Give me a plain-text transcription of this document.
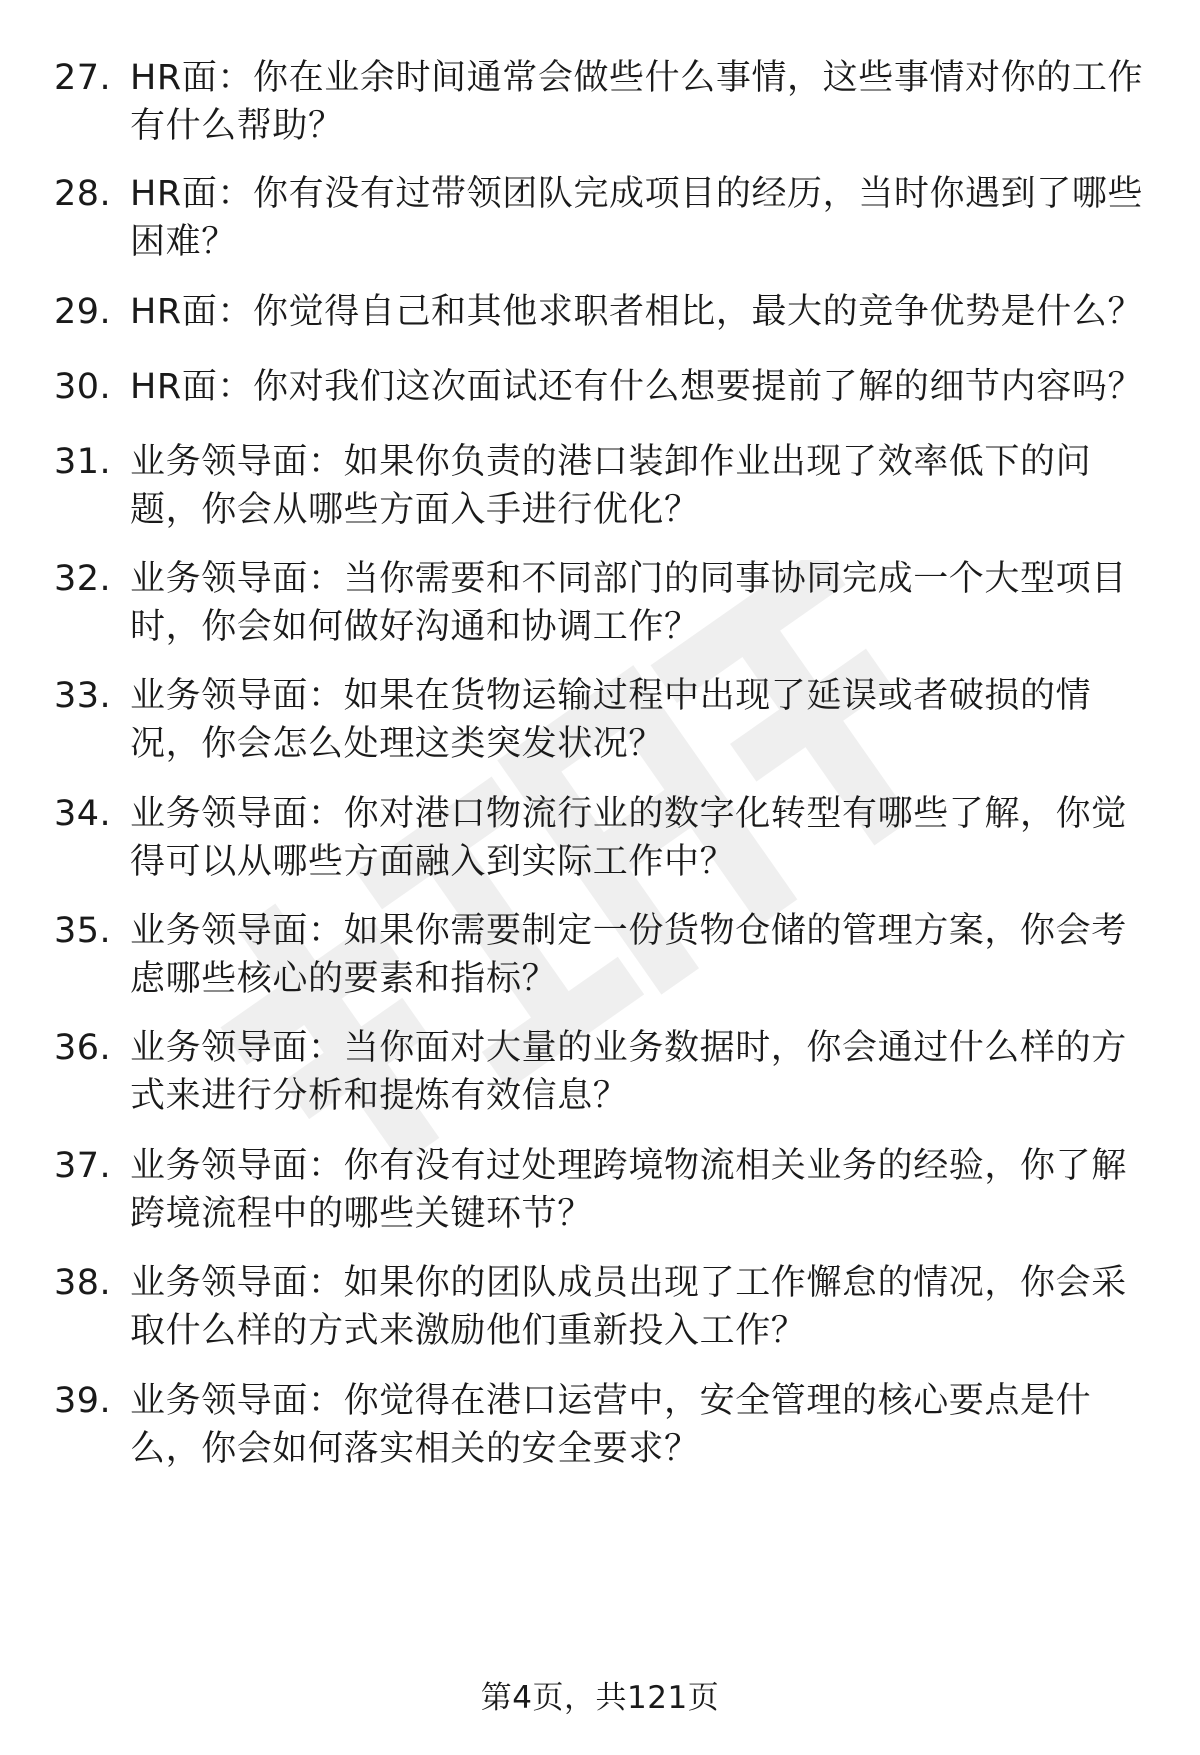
27. HR面：你在业余时间通常会做些什么事情，这些事情对你的工作
有什么帮助？
28. HR面：你有没有过带领团队完成项目的经历，当时你遇到了哪些
困难？
29. HR面：你觉得自己和其他求职者相比，最大的竞争优势是什么？
30. HR面：你对我们这次面试还有什么想要提前了解的细节内容吗？
31. 业务领导面：如果你负责的港口装卸作业出现了效率低下的问
题，你会从哪些方面入手进行优化？
32. 业务领导面：当你需要和不同部门的同事协同完成一个大型项目
时，你会如何做好沟通和协调工作？
33. 业务领导面：如果在货物运输过程中出现了延误或者破损的情
况，你会怎么处理这类突发状况？
34. 业务领导面：你对港口物流行业的数字化转型有哪些了解，你觉
得可以从哪些方面融入到实际工作中？
35. 业务领导面：如果你需要制定一份货物仓储的管理方案，你会考
虑哪些核心的要素和指标？
36. 业务领导面：当你面对大量的业务数据时，你会通过什么样的方
式来进行分析和提炼有效信息？
37. 业务领导面：你有没有过处理跨境物流相关业务的经验，你了解
跨境流程中的哪些关键环节？
38. 业务领导面：如果你的团队成员出现了工作懈怠的情况，你会采
取什么样的方式来激励他们重新投入工作？
39. 业务领导面：你觉得在港口运营中，安全管理的核心要点是什
么，你会如何落实相关的安全要求？
第4页，共121页
